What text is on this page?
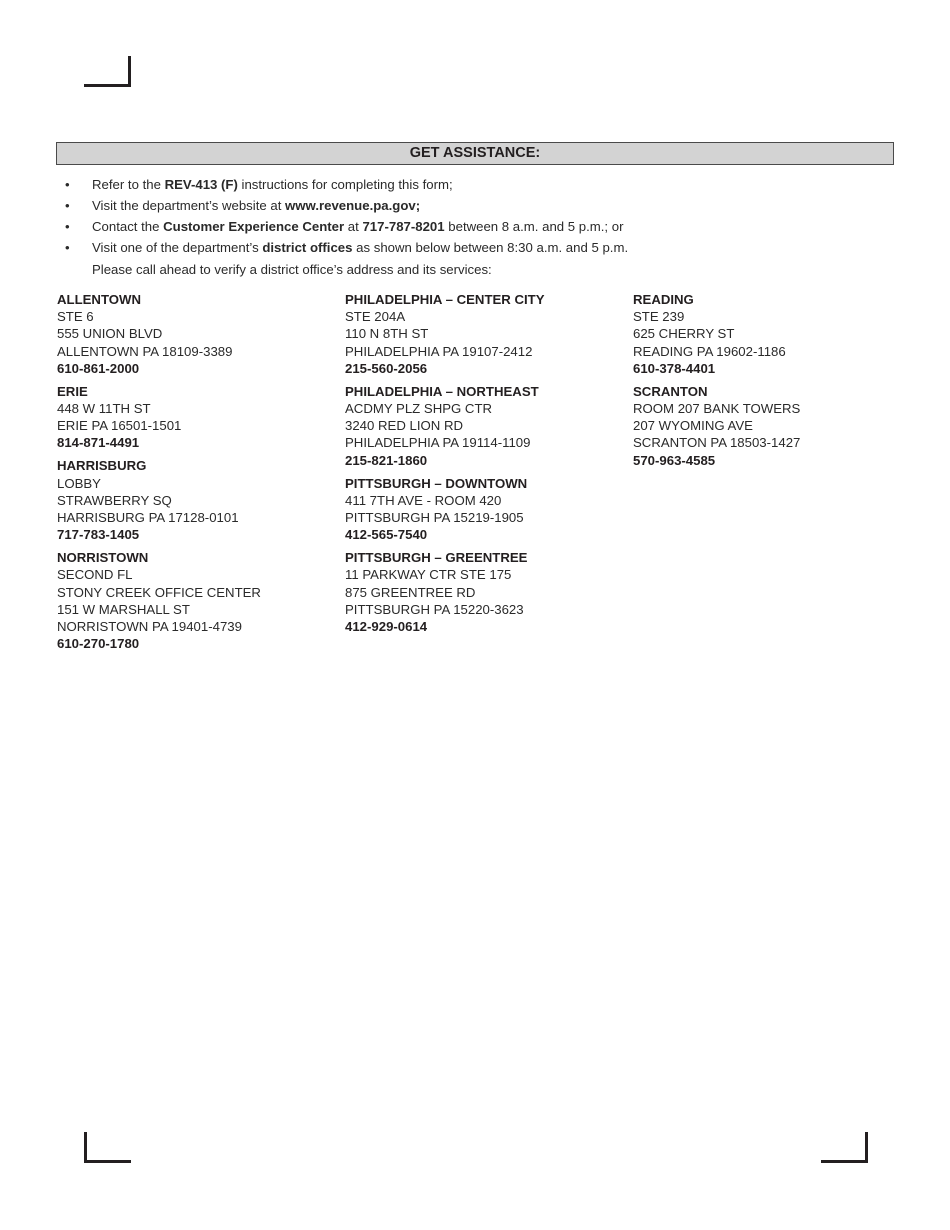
GET ASSISTANCE:
• Refer to the REV-413 (F) instructions for completing this form;
• Visit the department’s website at www.revenue.pa.gov;
• Contact the Customer Experience Center at 717-787-8201 between 8 a.m. and 5 p.m.; or
• Visit one of the department’s district offices as shown below between 8:30 a.m. and 5 p.m.
Please call ahead to verify a district office’s address and its services:
ALLENTOWN
STE 6
555 UNION BLVD
ALLENTOWN PA 18109-3389
610-861-2000
ERIE
448 W 11TH ST
ERIE PA 16501-1501
814-871-4491
HARRISBURG
LOBBY
STRAWBERRY SQ
HARRISBURG PA 17128-0101
717-783-1405
NORRISTOWN
SECOND FL
STONY CREEK OFFICE CENTER
151 W MARSHALL ST
NORRISTOWN PA 19401-4739
610-270-1780
PHILADELPHIA – CENTER CITY
STE 204A
110 N 8TH ST
PHILADELPHIA PA 19107-2412
215-560-2056
PHILADELPHIA – NORTHEAST
ACDMY PLZ SHPG CTR
3240 RED LION RD
PHILADELPHIA PA 19114-1109
215-821-1860
PITTSBURGH – DOWNTOWN
411 7TH AVE - ROOM 420
PITTSBURGH PA 15219-1905
412-565-7540
PITTSBURGH – GREENTREE
11 PARKWAY CTR STE 175
875 GREENTREE RD
PITTSBURGH PA 15220-3623
412-929-0614
READING
STE 239
625 CHERRY ST
READING PA 19602-1186
610-378-4401
SCRANTON
ROOM 207 BANK TOWERS
207 WYOMING AVE
SCRANTON PA 18503-1427
570-963-4585
